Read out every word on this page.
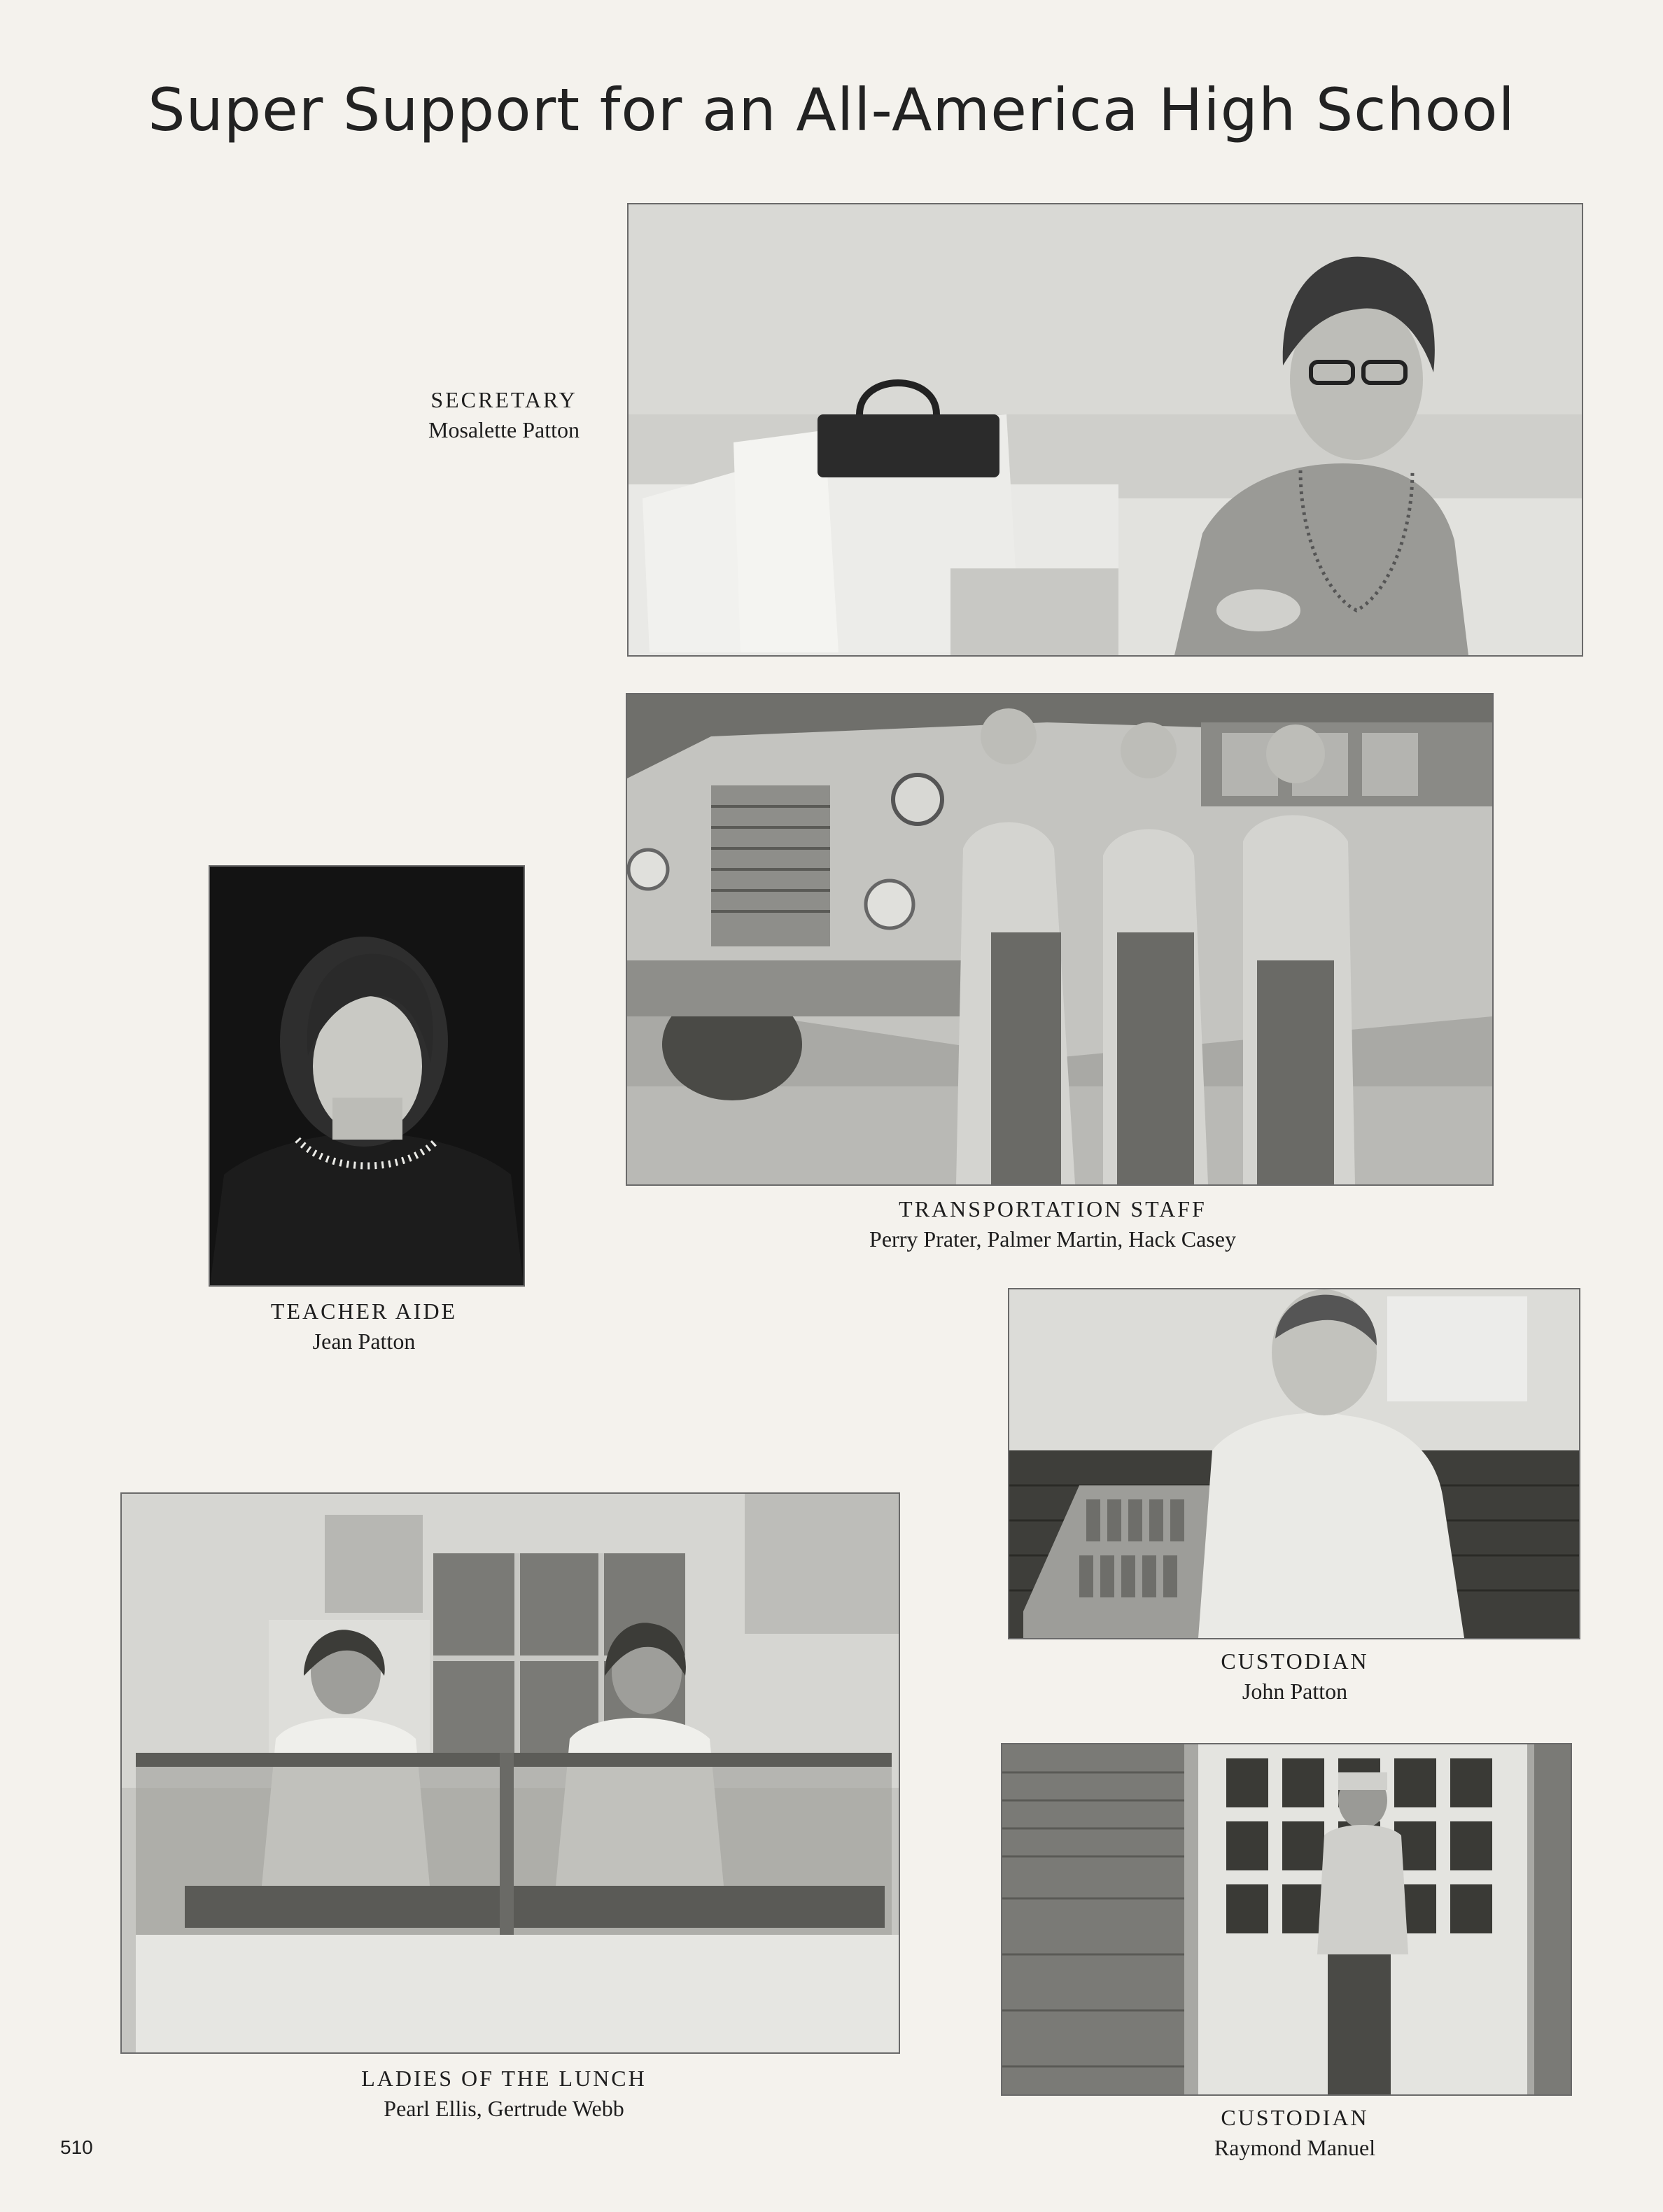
Super Support for an All-America High School
SECRETARY
Mosalette Patton
TRANSPORTATION STAFF
Perry Prater, Palmer Martin, Hack Casey
TEACHER AIDE
Jean Patton
CUSTODIAN
John Patton
LADIES OF THE LUNCH
Pearl Ellis, Gertrude Webb	CUSTODIAN
Raymond Manuel
510
